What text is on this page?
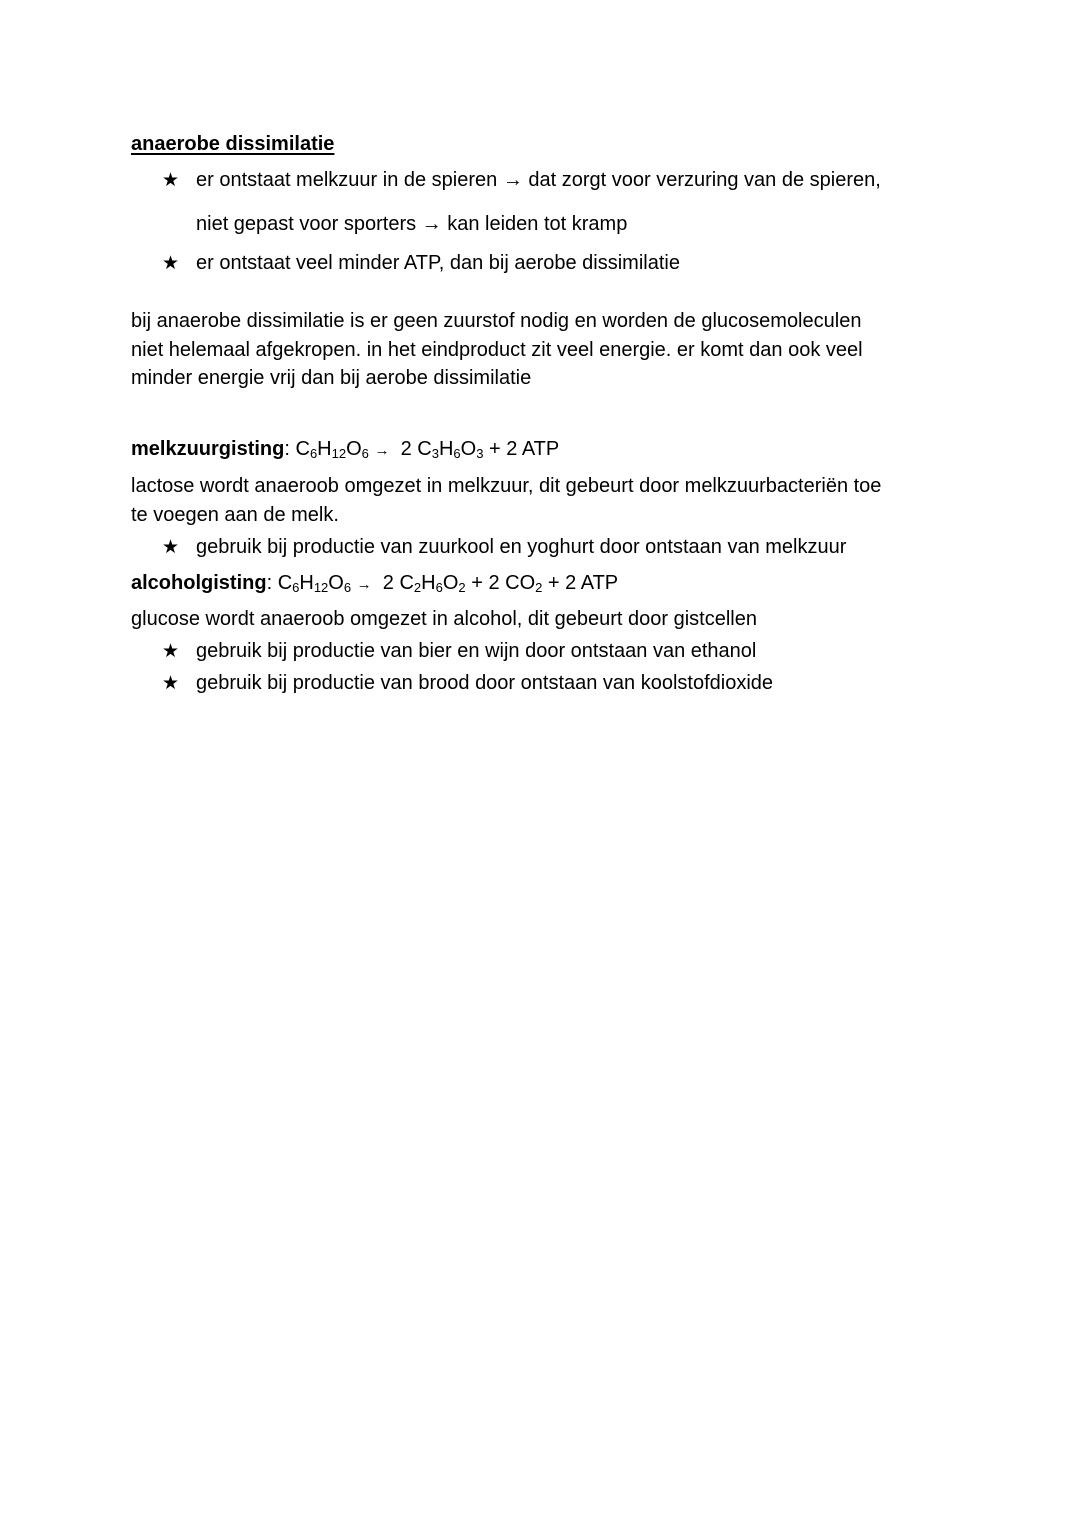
anaerobe dissimilatie
★ er ontstaat melkzuur in de spieren → dat zorgt voor verzuring van de spieren,
niet gepast voor sporters → kan leiden tot kramp
★ er ontstaat veel minder ATP, dan bij aerobe dissimilatie
bij anaerobe dissimilatie is er geen zuurstof nodig en worden de glucosemoleculen
niet helemaal afgekropen. in het eindproduct zit veel energie. er komt dan ook veel
minder energie vrij dan bij aerobe dissimilatie
melkzuurgisting: $C_6H_{12}O_6 \to 2$ $C_3H_6O_3 + 2$ ATP
lactose wordt anaeroob omgezet in melkzuur, dit gebeurt door melkzuurbacteriën toe
te voegen aan de melk.
★ gebruik bij productie van zuurkool en yoghurt door ontstaan van melkzuur
alcoholgisting: $C_6H_{12}O_6 \to 2$ $C_2H_6O_2 + 2$ $CO_2 + 2$ ATP
glucose wordt anaeroob omgezet in alcohol, dit gebeurt door gistcellen
★ gebruik bij productie van bier en wijn door ontstaan van ethanol
★ gebruik bij productie van brood door ontstaan van koolstofdioxide
